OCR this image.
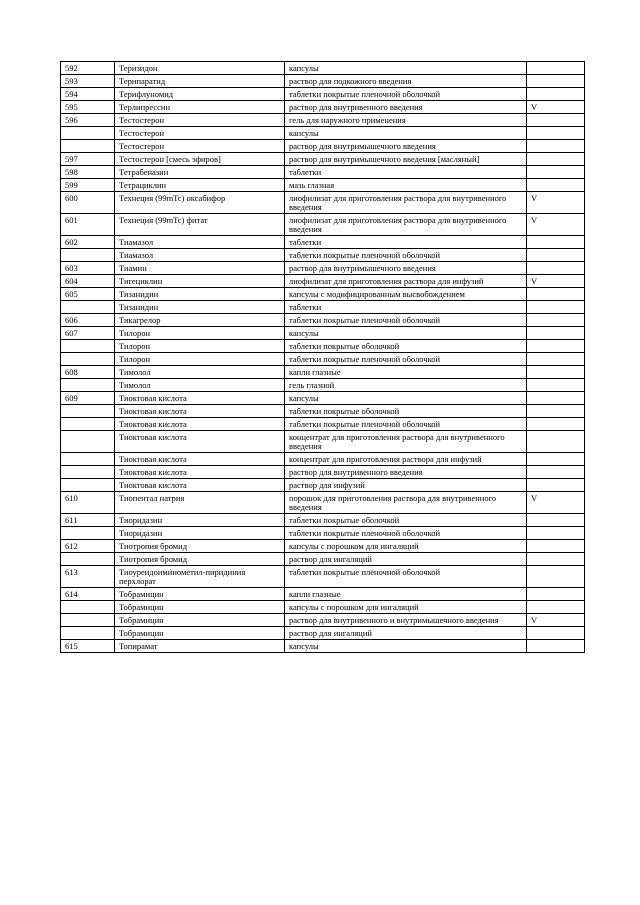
592	Теризидон	капсулы	
593	Терипаратид	раствор для подкожного введения	
594	Терифлуномид	таблетки покрытые пленочной оболочкой	
595	Терлипрессин	раствор для внутривенного введения	V
596	Тестостерон	гель для наружного применения	
	Тестостерон	капсулы	
	Тестостерон	раствор для внутримышечного введения	
597	Тестостерон [смесь эфиров]	раствор для внутримышечного введения [масляный]	
598	Тетрабеназин	таблетки	
599	Тетрациклин	мазь глазная	
600	Технеция (99mTc) оксабифор	лиофилизат для приготовления раствора для внутривенного введения	V
601	Технеция (99mTc) фитат	лиофилизат для приготовления раствора для внутривенного введения	V
602	Тиамазол	таблетки	
	Тиамазол	таблетки покрытые пленочной оболочкой	
603	Тиамин	раствор для внутримышечного введения	
604	Тигециклин	лиофилизат для приготовления раствора для инфузий	V
605	Тизанидин	капсулы с модифицированным высвобождением	
	Тизанидин	таблетки	
606	Тикагрелор	таблетки покрытые пленочной оболочкой	
607	Тилорон	капсулы	
	Тилорон	таблетки покрытые оболочкой	
	Тилорон	таблетки покрытые пленочной оболочкой	
608	Тимолол	капли глазные	
	Тимолол	гель глазной	
609	Тиоктовая кислота	капсулы	
	Тиоктовая кислота	таблетки покрытые оболочкой	
	Тиоктовая кислота	таблетки покрытые пленочной оболочкой	
	Тиоктовая кислота	концентрат для приготовления раствора для внутривенного введения	
	Тиоктовая кислота	концентрат для приготовления раствора для инфузий	
	Тиоктовая кислота	раствор для внутривенного введения	
	Тиоктовая кислота	раствор для инфузий	
610	Тиопентал натрия	порошок для приготовления раствора для внутривенного введения	V
611	Тиоридазин	таблетки покрытые оболочкой	
	Тиоридазин	таблетки покрытые пленочной оболочкой	
612	Тиотропия бромид	капсулы с порошком для ингаляций	
	Тиотропия бромид	раствор для ингаляций	
613	Тиоуреидоиминометил-пиридиния перхлорат	таблетки покрытые пленочной оболочкой	
614	Тобрамицин	капли глазные	
	Тобрамицин	капсулы с порошком для ингаляций	
	Тобрамицин	раствор для внутривенного и внутримышечного введения	V
	Тобрамицин	раствор для ингаляций	
615	Топирамат	капсулы	
